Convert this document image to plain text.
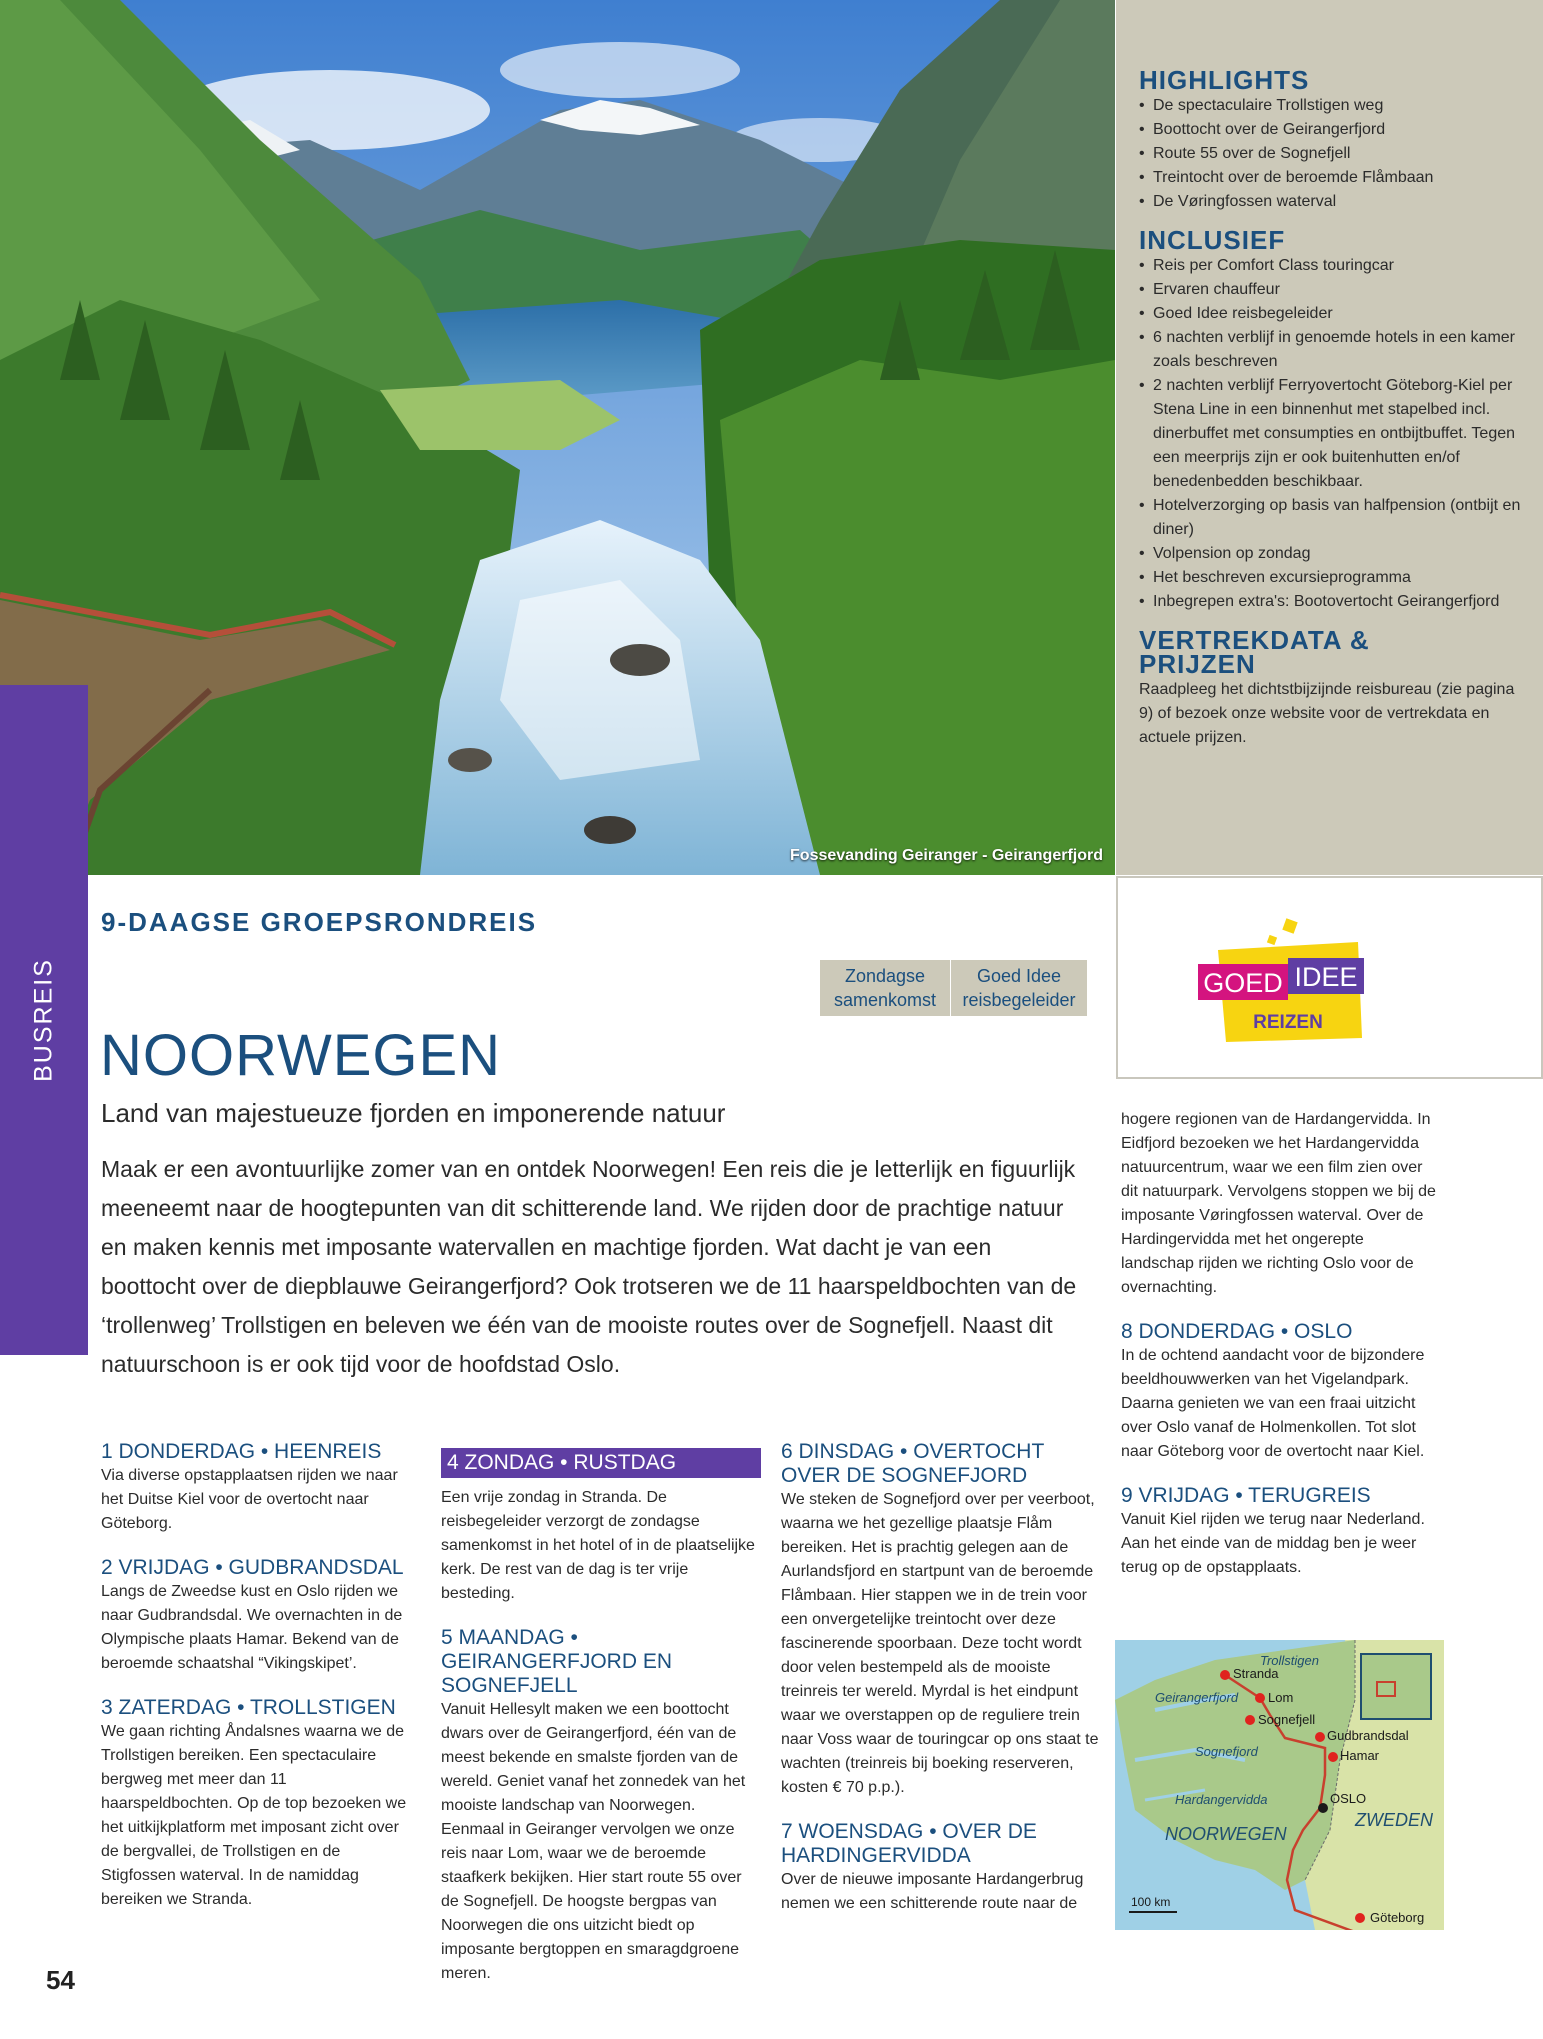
Fossevanding Geiranger - Geirangerfjord
BUSREIS
HIGHLIGHTS
• De spectaculaire Trollstigen weg
• Boottocht over de Geirangerfjord
• Route 55 over de Sognefjell
• Treintocht over de beroemde Flåmbaan
• De Vøringfossen waterval
INCLUSIEF
• Reis per Comfort Class touringcar
• Ervaren chauffeur
• Goed Idee reisbegeleider
• 6 nachten verblijf in genoemde hotels in een kamer zoals beschreven
• 2 nachten verblijf Ferryovertocht Göteborg-Kiel per Stena Line in een binnenhut met stapelbed incl. dinerbuffet met consumpties en ontbijtbuffet. Tegen een meerprijs zijn er ook buitenhutten en/of benedenbedden beschikbaar.
• Hotelverzorging op basis van halfpension (ontbijt en diner)
• Volpension op zondag
• Het beschreven excursieprogramma
• Inbegrepen extra's: Bootovertocht Geirangerfjord
VERTREKDATA & PRIJZEN

Raadpleeg het dichtstbijzijnde reisbureau (zie pagina 9) of bezoek onze website voor de vertrekdata en actuele prijzen.

GOED IDEE
REIZEN
9-DAAGSE GROEPSRONDREIS
Zondagse samenkomst
Goed Idee reisbegeleider
NOORWEGEN
Land van majestueuze fjorden en imponerende natuur

Maak er een avontuurlijke zomer van en ontdek Noorwegen! Een reis die je letterlijk en figuurlijk meeneemt naar de hoogtepunten van dit schitterende land. We rijden door de prachtige natuur en maken kennis met imposante watervallen en machtige fjorden. Wat dacht je van een boottocht over de diepblauwe Geirangerfjord? Ook trotseren we de 11 haarspeldbochten van de ‘trollenweg’ Trollstigen en beleven we één van de mooiste routes over de Sognefjell. Naast dit natuurschoon is er ook tijd voor de hoofdstad Oslo.

1 DONDERDAG • HEENREIS

Via diverse opstapplaatsen rijden we naar het Duitse Kiel voor de overtocht naar Göteborg.

2 VRIJDAG • GUDBRANDSDAL

Langs de Zweedse kust en Oslo rijden we naar Gudbrandsdal. We overnachten in de Olympische plaats Hamar. Bekend van de beroemde schaatshal “Vikingskipet’.

3 ZATERDAG • TROLLSTIGEN

We gaan richting Åndalsnes waarna we de Trollstigen bereiken. Een spectaculaire bergweg met meer dan 11 haarspeldbochten. Op de top bezoeken we het uitkijkplatform met imposant zicht over de bergvallei, de Trollstigen en de Stigfossen waterval. In de namiddag bereiken we Stranda.

4 ZONDAG • RUSTDAG

Een vrije zondag in Stranda. De reisbegeleider verzorgt de zondagse samenkomst in het hotel of in de plaatselijke kerk. De rest van de dag is ter vrije besteding.

5 MAANDAG • GEIRANGERFJORD EN SOGNEFJELL

Vanuit Hellesylt maken we een boottocht dwars over de Geirangerfjord, één van de meest bekende en smalste fjorden van de wereld. Geniet vanaf het zonnedek van het mooiste landschap van Noorwegen. Eenmaal in Geiranger vervolgen we onze reis naar Lom, waar we de beroemde staafkerk bekijken. Hier start route 55 over de Sognefjell. De hoogste bergpas van Noorwegen die ons uitzicht biedt op imposante bergtoppen en smaragdgroene meren.

6 DINSDAG • OVERTOCHT OVER DE SOGNEFJORD

We steken de Sognefjord over per veerboot, waarna we het gezellige plaatsje Flåm bereiken. Het is prachtig gelegen aan de Aurlandsfjord en startpunt van de beroemde Flåmbaan. Hier stappen we in de trein voor een onvergetelijke treintocht over deze fascinerende spoorbaan. Deze tocht wordt door velen bestempeld als de mooiste treinreis ter wereld. Myrdal is het eindpunt waar we overstappen op de reguliere trein naar Voss waar de touringcar op ons staat te wachten (treinreis bij boeking reserveren, kosten € 70 p.p.).

7 WOENSDAG • OVER DE HARDINGERVIDDA

Over de nieuwe imposante Hardangerbrug nemen we een schitterende route naar de

hogere regionen van de Hardangervidda. In Eidfjord bezoeken we het Hardangervidda natuurcentrum, waar we een film zien over dit natuurpark. Vervolgens stoppen we bij de imposante Vøringfossen waterval. Over de Hardingervidda met het ongerepte landschap rijden we richting Oslo voor de overnachting.

8 DONDERDAG • OSLO

In de ochtend aandacht voor de bijzondere beeldhouwwerken van het Vigelandpark. Daarna genieten we van een fraai uitzicht over Oslo vanaf de Holmenkollen. Tot slot naar Göteborg voor de overtocht naar Kiel.

9 VRIJDAG • TERUGREIS

Vanuit Kiel rijden we terug naar Nederland. Aan het einde van de middag ben je weer terug op de opstapplaats.

Trollstigen
Stranda
Geirangerfjord Lom
Sognefjell
Gudbrandsdal
Sognefjord	Hamar
Hardangervidda	OSLO
NOORWEGEN
ZWEDEN
Göteborg
100 km
54
